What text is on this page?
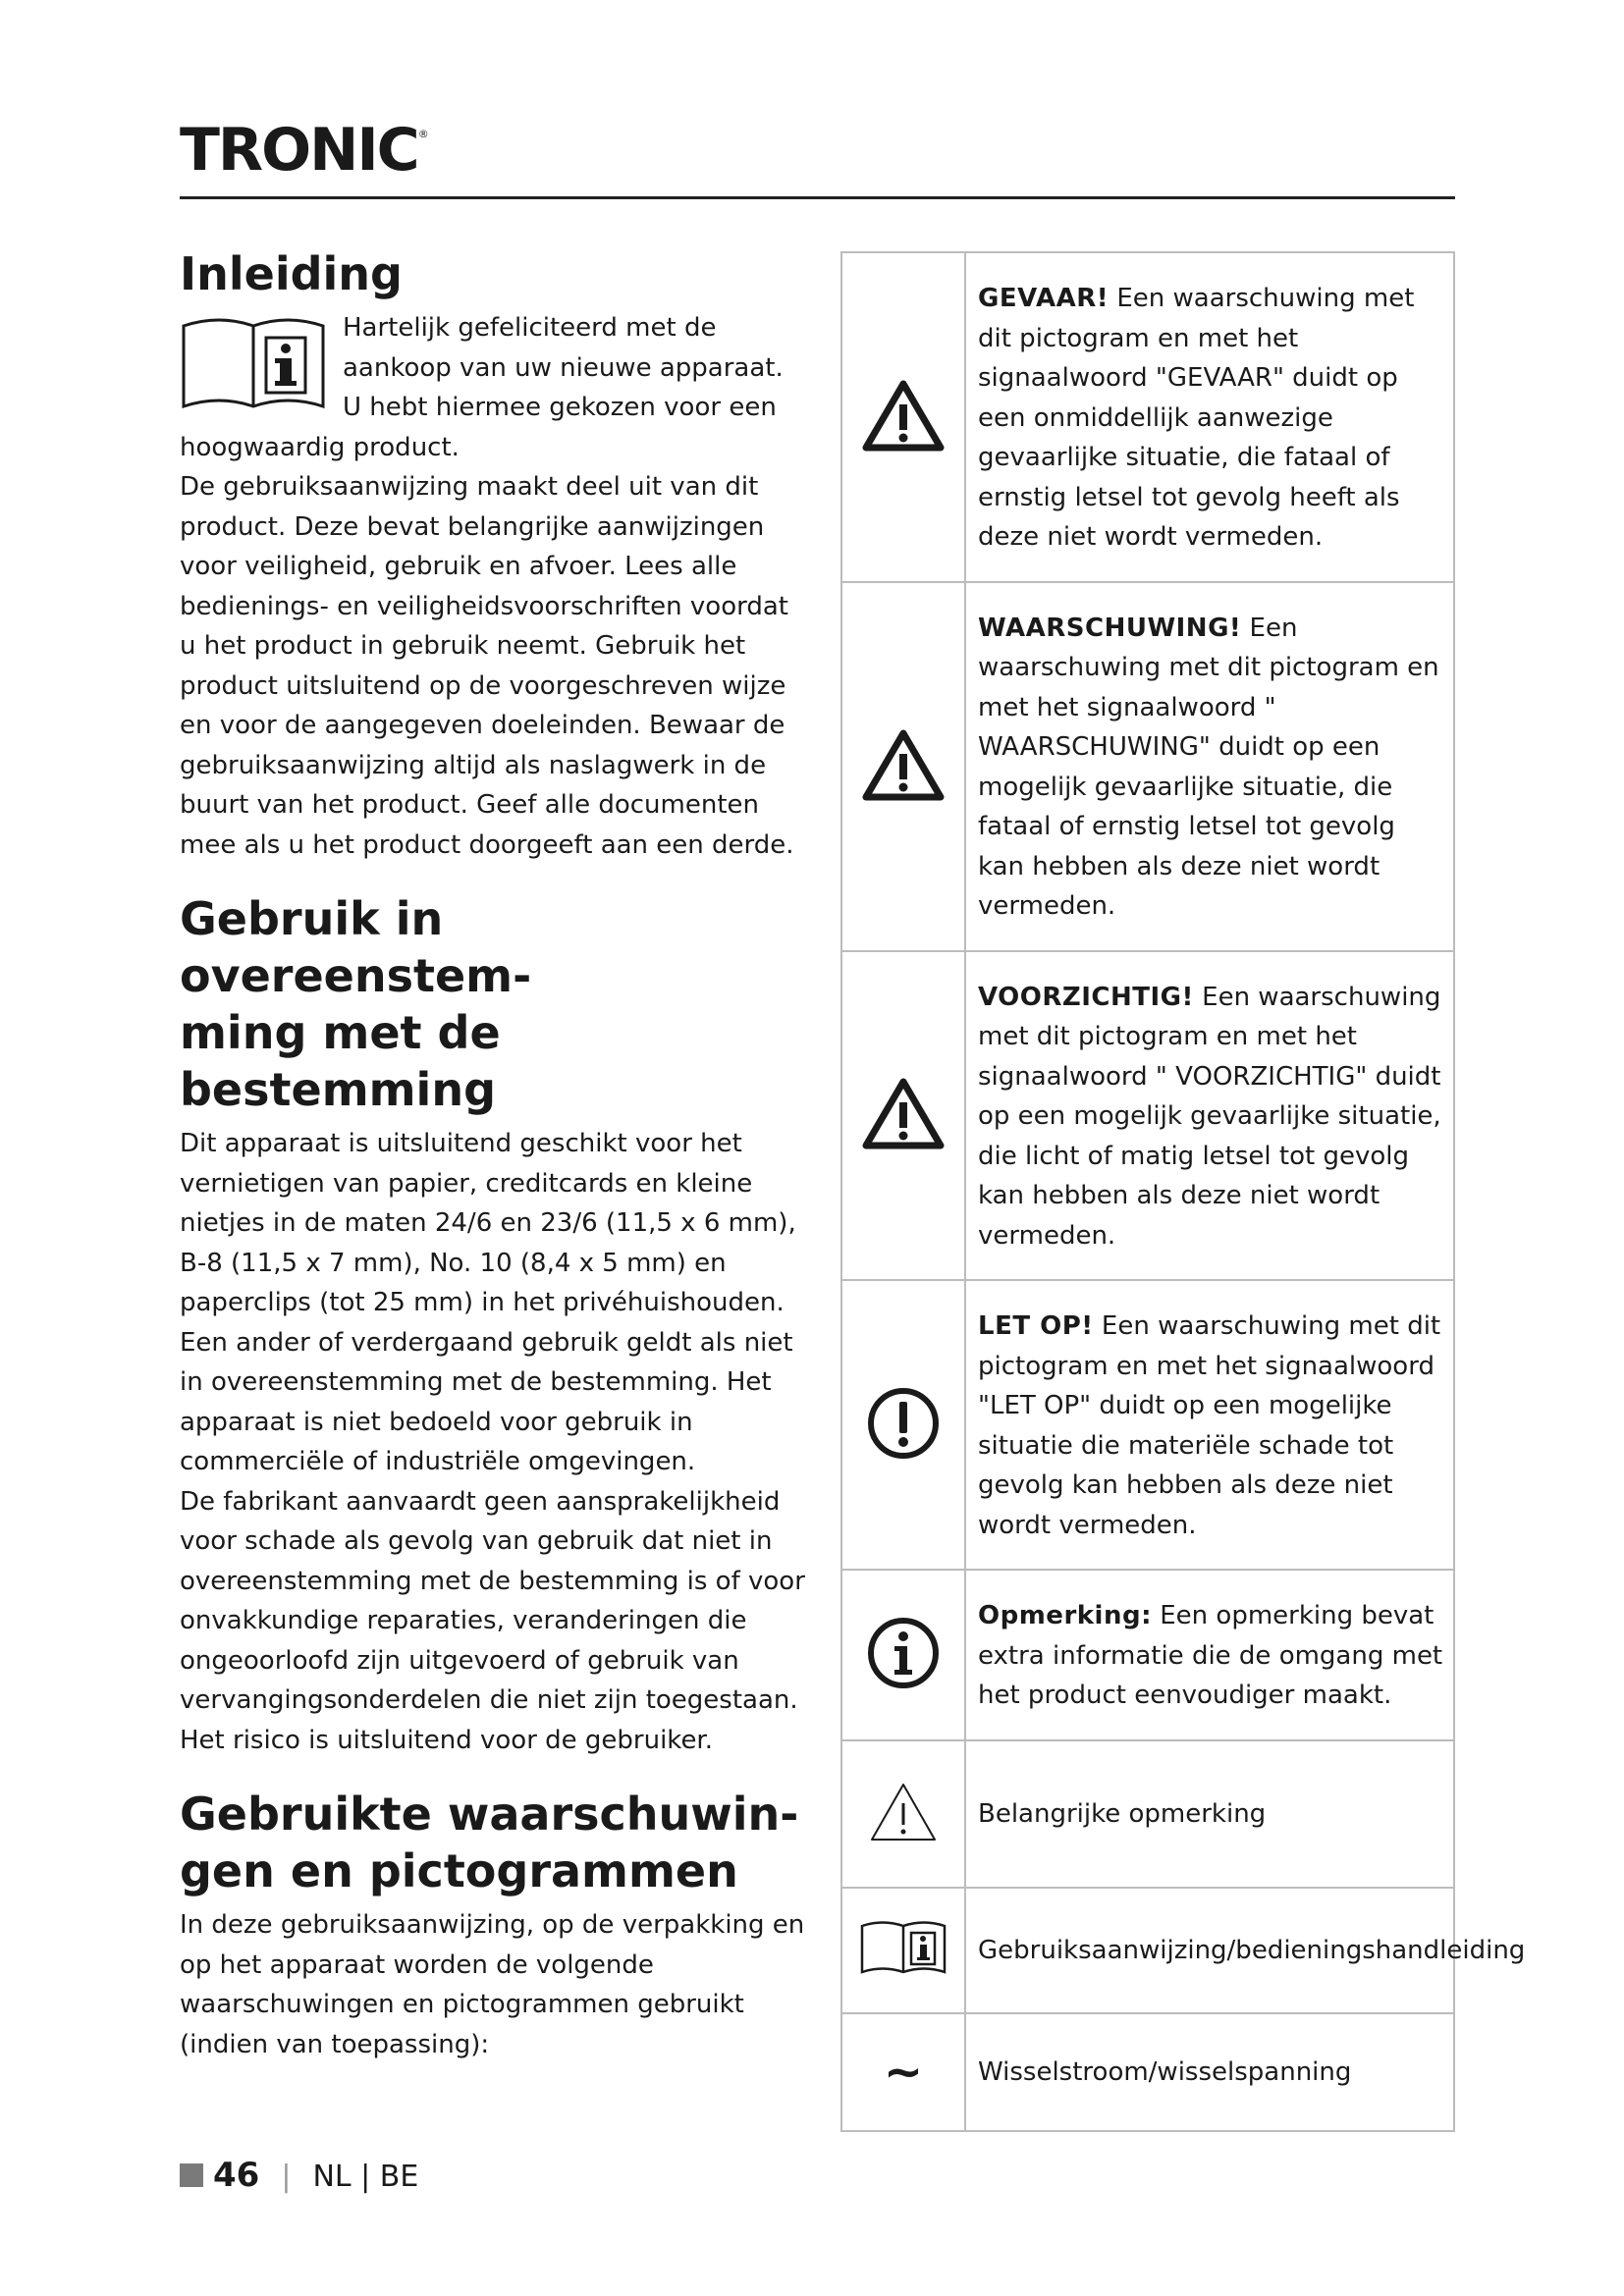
TRONIC®
Inleiding

Hartelijk gefeliciteerd met de aankoop van uw nieuwe apparaat. U hebt hiermee gekozen voor een hoogwaardig product.

De gebruiksaanwijzing maakt deel uit van dit product. Deze bevat belangrijke aanwijzingen voor veiligheid, gebruik en afvoer. Lees alle bedienings- en veiligheidsvoorschriften voordat u het product in gebruik neemt. Gebruik het product uitsluitend op de voorgeschreven wijze en voor de aangegeven doeleinden. Bewaar de gebruiksaanwijzing altijd als naslagwerk in de buurt van het product. Geef alle documenten mee als u het product doorgeeft aan een derde.

Gebruik in overeenstem-
ming met de bestemming

Dit apparaat is uitsluitend geschikt voor het vernietigen van papier, creditcards en kleine nietjes in de maten 24/6 en 23/6 (11,5 x 6 mm), B-8 (11,5 x 7 mm), No. 10 (8,4 x 5 mm) en paperclips (tot 25 mm) in het privéhuishouden. Een ander of verdergaand gebruik geldt als niet in overeenstemming met de bestemming. Het apparaat is niet bedoeld voor gebruik in commerciële of industriële omgevingen.

De fabrikant aanvaardt geen aansprakelijkheid voor schade als gevolg van gebruik dat niet in overeenstemming met de bestemming is of voor onvakkundige reparaties, veranderingen die ongeoorloofd zijn uitgevoerd of gebruik van vervangingsonderdelen die niet zijn toegestaan. Het risico is uitsluitend voor de gebruiker.

Gebruikte waarschuwin-
gen en pictogrammen

In deze gebruiksaanwijzing, op de verpakking en op het apparaat worden de volgende waarschuwingen en pictogrammen gebruikt (indien van toepassing):

	GEVAAR! Een waarschuwing met dit pictogram en met het signaalwoord "GEVAAR" duidt op een onmiddellijk aanwezige gevaarlijke situatie, die fataal of ernstig letsel tot gevolg heeft als deze niet wordt vermeden.
	WAARSCHUWING! Een waarschuwing met dit pictogram en met het signaalwoord " WAARSCHUWING" duidt op een mogelijk gevaarlijke situatie, die fataal of ernstig letsel tot gevolg kan hebben als deze niet wordt vermeden.
	VOORZICHTIG! Een waarschuwing met dit pictogram en met het signaalwoord " VOORZICHTIG" duidt op een mogelijk gevaarlijke situatie, die licht of matig letsel tot gevolg kan hebben als deze niet wordt vermeden.
	LET OP! Een waarschuwing met dit pictogram en met het signaalwoord "LET OP" duidt op een mogelijke situatie die materiële schade tot gevolg kan hebben als deze niet wordt vermeden.
	Opmerking: Een opmerking bevat extra informatie die de omgang met het product eenvoudiger maakt.
	Belangrijke opmerking
	Gebruiksaanwijzing/bedieningshandleiding
~	Wisselstroom/wisselspanning
46 | NL | BE
